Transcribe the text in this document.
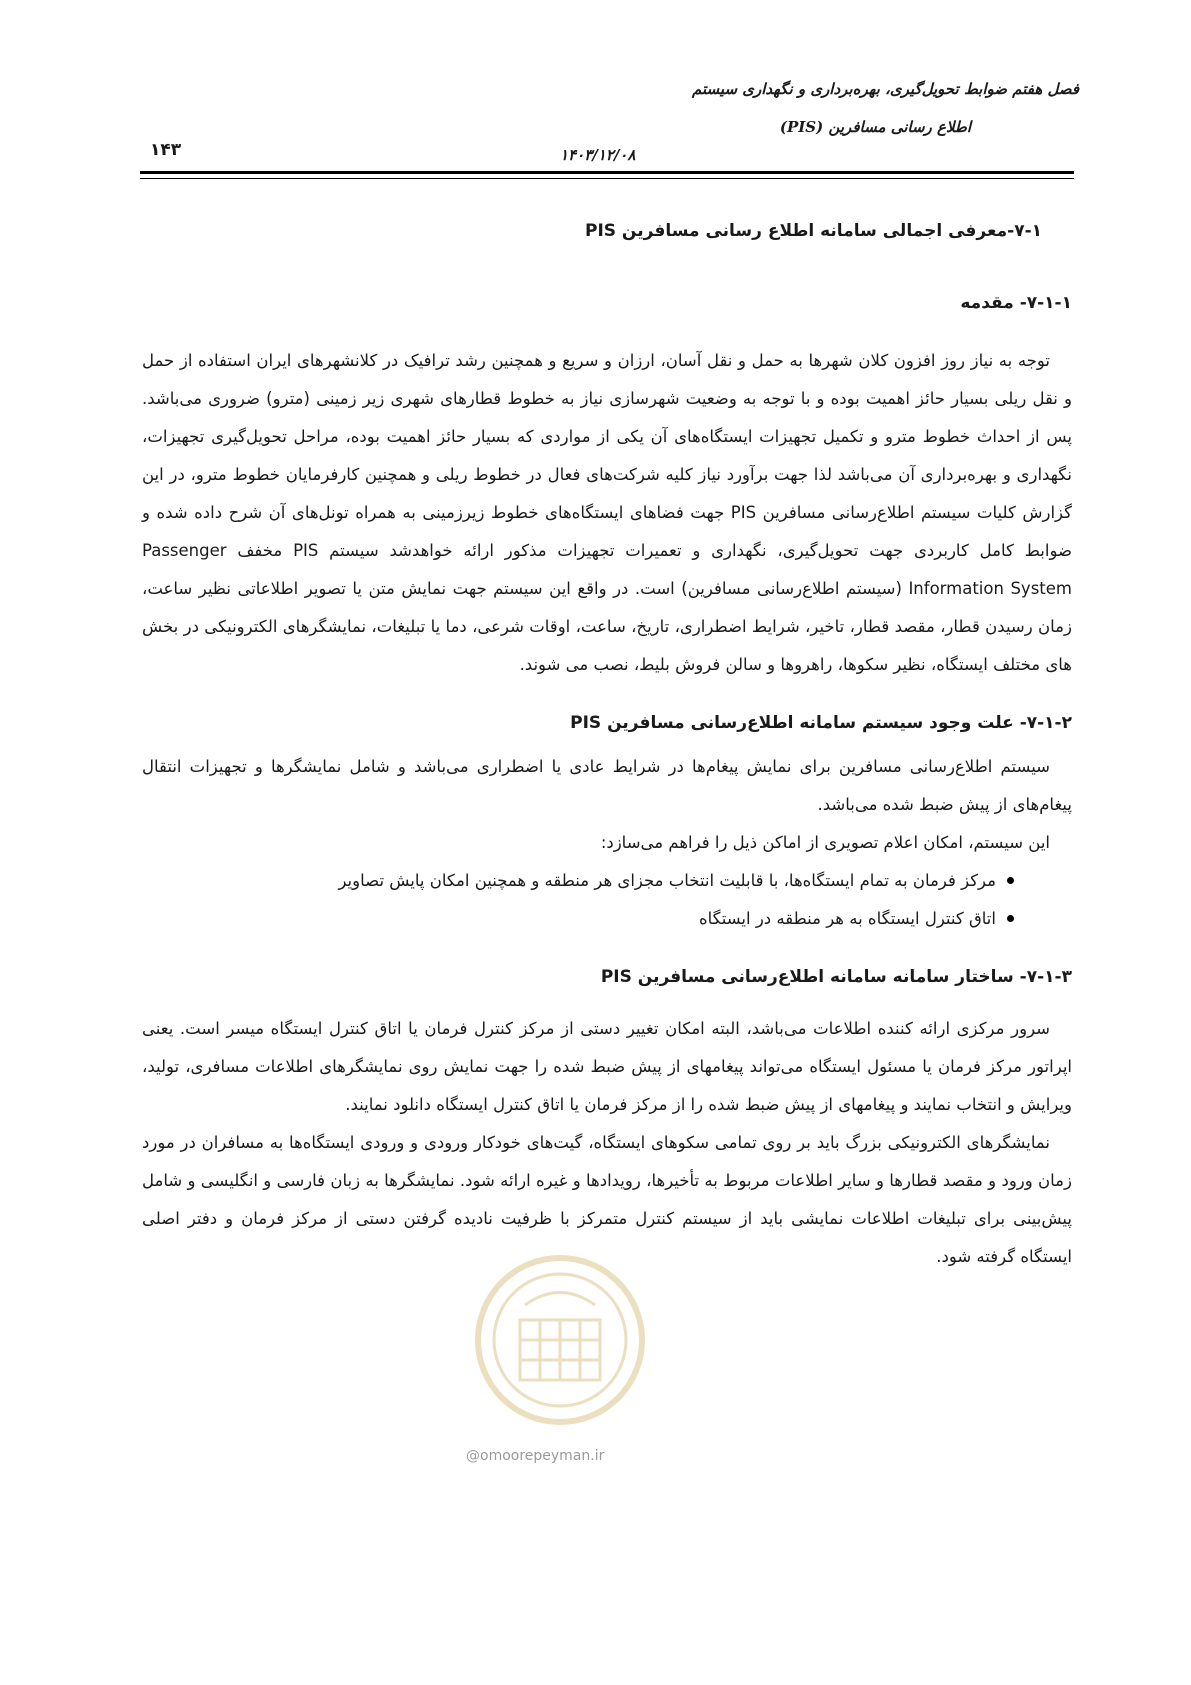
فصل هفتم ضوابط تحویل‌گیری، بهره‌برداری و نگهداری سیستم
اطلاع رسانی مسافرین (PIS)
۱۴۰۳/۱۲/۰۸
۱۴۳
۷-۱-معرفی اجمالی سامانه اطلاع رسانی مسافرین PIS
۷-۱-۱- مقدمه

توجه به نیاز روز افزون کلان شهرها به حمل و نقل آسان، ارزان و سریع و همچنین رشد ترافیک در کلانشهرهای ایران استفاده از حمل و نقل ریلی بسیار حائز اهمیت بوده و با توجه به وضعیت شهرسازی نیاز به خطوط قطارهای شهری زیر زمینی (مترو) ضروری می‌باشد. پس از احداث خطوط مترو و تکمیل تجهیزات ایستگاه‌های آن یکی از مواردی که بسیار حائز اهمیت بوده، مراحل تحویل‌گیری تجهیزات، نگهداری و بهره‌برداری آن می‌باشد لذا جهت برآورد نیاز کلیه شرکت‌های فعال در خطوط ریلی و همچنین کارفرمایان خطوط مترو، در این گزارش کلیات سیستم اطلاع‌رسانی مسافرین PIS جهت فضاهای ایستگاه‌های خطوط زیرزمینی به همراه تونل‌های آن شرح داده شده و ضوابط کامل کاربردی جهت تحویل‌گیری، نگهداری و تعمیرات تجهیزات مذکور ارائه خواهدشد سیستم PIS مخفف Passenger Information System (سیستم اطلاع‌رسانی مسافرین) است. در واقع این سیستم جهت نمایش متن یا تصویر اطلاعاتی نظیر ساعت، زمان رسیدن قطار، مقصد قطار، تاخیر، شرایط اضطراری، تاریخ، ساعت، اوقات شرعی، دما یا تبلیغات، نمایشگرهای الکترونیکی در بخش های مختلف ایستگاه، نظیر سکوها، راهروها و سالن فروش بلیط، نصب می شوند.

۷-۱-۲- علت وجود سیستم سامانه اطلاع‌رسانی مسافرین PIS

سیستم اطلاع‌رسانی مسافرین برای نمایش پیغام‌ها در شرایط عادی یا اضطراری می‌باشد و شامل نمایشگرها و تجهیزات انتقال پیغام‌های از پیش ضبط شده می‌باشد.

این سیستم، امکان اعلام تصویری از اماکن ذیل را فراهم می‌سازد:

مرکز فرمان به تمام ایستگاه‌ها، با قابلیت انتخاب مجزای هر منطقه و همچنین امکان پایش تصاویر
اتاق کنترل ایستگاه به هر منطقه در ایستگاه
۷-۱-۳- ساختار سامانه سامانه اطلاع‌رسانی مسافرین PIS

سرور مرکزی ارائه کننده اطلاعات می‌باشد، البته امکان تغییر دستی از مرکز کنترل فرمان یا اتاق کنترل ایستگاه میسر است. یعنی اپراتور مرکز فرمان یا مسئول ایستگاه می‌تواند پیغامهای از پیش ضبط شده را جهت نمایش روی نمایشگرهای اطلاعات مسافری، تولید، ویرایش و انتخاب نمایند و پیغامهای از پیش ضبط شده را از مرکز فرمان یا اتاق کنترل ایستگاه دانلود نمایند.

نمایشگرهای الکترونیکی بزرگ باید بر روی تمامی سکوهای ایستگاه، گیت‌های خودکار ورودی و ورودی ایستگاه‌ها به مسافران در مورد زمان ورود و مقصد قطارها و سایر اطلاعات مربوط به تأخیرها، رویدادها و غیره ارائه شود. نمایشگرها به زبان فارسی و انگلیسی و شامل پیش‌بینی برای تبلیغات اطلاعات نمایشی باید از سیستم کنترل متمرکز با ظرفیت نادیده گرفتن دستی از مرکز فرمان و دفتر اصلی ایستگاه گرفته شود.

@omoorepeyman.ir
